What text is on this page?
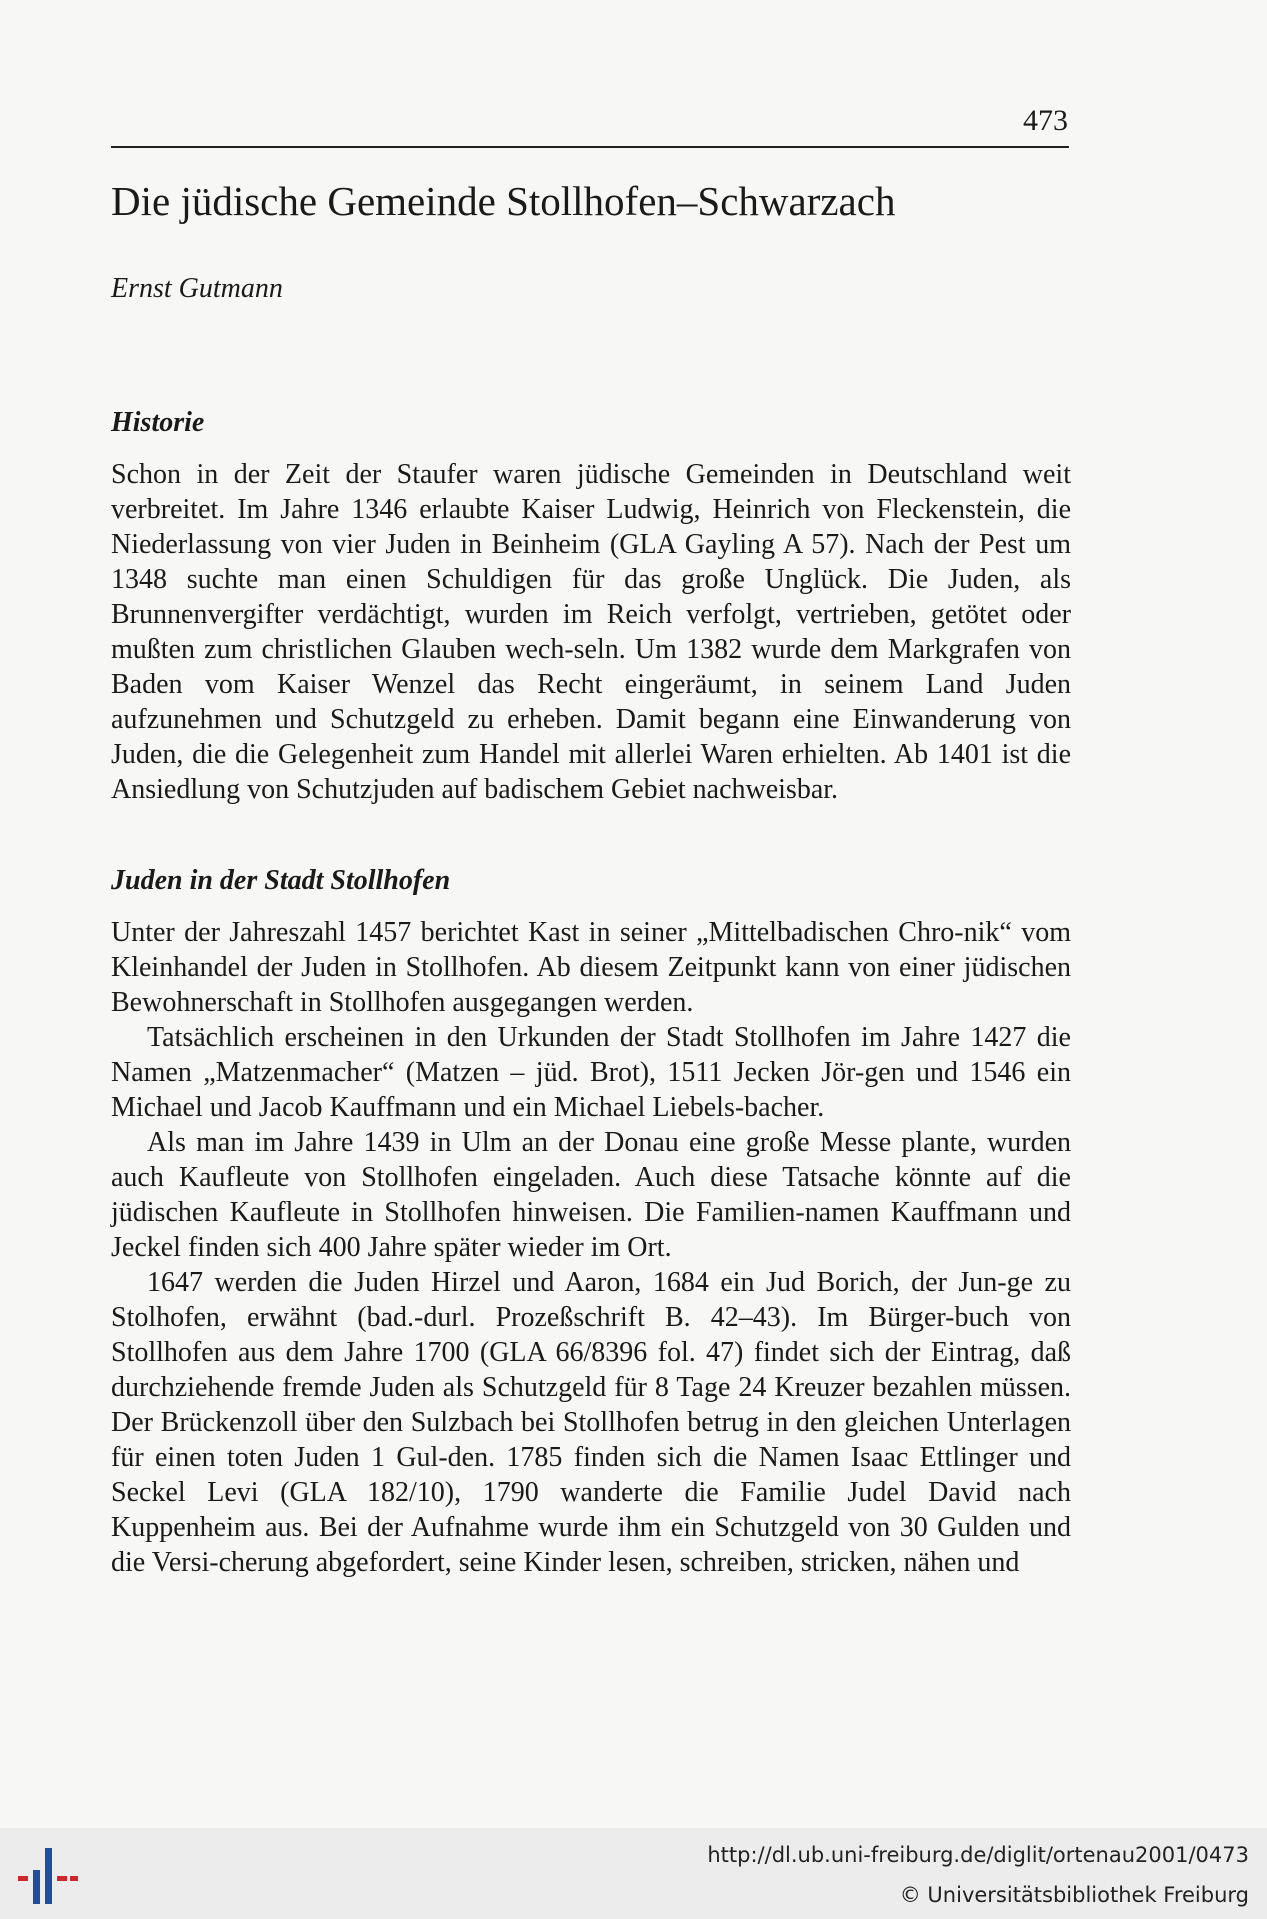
473
Die jüdische Gemeinde Stollhofen–Schwarzach
Ernst Gutmann
Historie

Schon in der Zeit der Staufer waren jüdische Gemeinden in Deutschland weit verbreitet. Im Jahre 1346 erlaubte Kaiser Ludwig, Heinrich von Fleckenstein, die Niederlassung von vier Juden in Beinheim (GLA Gayling A 57). Nach der Pest um 1348 suchte man einen Schuldigen für das große Unglück. Die Juden, als Brunnenvergifter verdächtigt, wurden im Reich verfolgt, vertrieben, getötet oder mußten zum christlichen Glauben wech-seln. Um 1382 wurde dem Markgrafen von Baden vom Kaiser Wenzel das Recht eingeräumt, in seinem Land Juden aufzunehmen und Schutzgeld zu erheben. Damit begann eine Einwanderung von Juden, die die Gelegenheit zum Handel mit allerlei Waren erhielten. Ab 1401 ist die Ansiedlung von Schutzjuden auf badischem Gebiet nachweisbar.

Juden in der Stadt Stollhofen

Unter der Jahreszahl 1457 berichtet Kast in seiner „Mittelbadischen Chro-nik“ vom Kleinhandel der Juden in Stollhofen. Ab diesem Zeitpunkt kann von einer jüdischen Bewohnerschaft in Stollhofen ausgegangen werden.

Tatsächlich erscheinen in den Urkunden der Stadt Stollhofen im Jahre 1427 die Namen „Matzenmacher“ (Matzen – jüd. Brot), 1511 Jecken Jör-gen und 1546 ein Michael und Jacob Kauffmann und ein Michael Liebels-bacher.

Als man im Jahre 1439 in Ulm an der Donau eine große Messe plante, wurden auch Kaufleute von Stollhofen eingeladen. Auch diese Tatsache könnte auf die jüdischen Kaufleute in Stollhofen hinweisen. Die Familien-namen Kauffmann und Jeckel finden sich 400 Jahre später wieder im Ort.

1647 werden die Juden Hirzel und Aaron, 1684 ein Jud Borich, der Jun-ge zu Stolhofen, erwähnt (bad.-durl. Prozeßschrift B. 42–43). Im Bürger-buch von Stollhofen aus dem Jahre 1700 (GLA 66/8396 fol. 47) findet sich der Eintrag, daß durchziehende fremde Juden als Schutzgeld für 8 Tage 24 Kreuzer bezahlen müssen. Der Brückenzoll über den Sulzbach bei Stollhofen betrug in den gleichen Unterlagen für einen toten Juden 1 Gul-den. 1785 finden sich die Namen Isaac Ettlinger und Seckel Levi (GLA 182/10), 1790 wanderte die Familie Judel David nach Kuppenheim aus. Bei der Aufnahme wurde ihm ein Schutzgeld von 30 Gulden und die Versi-cherung abgefordert, seine Kinder lesen, schreiben, stricken, nähen und

http://dl.ub.uni-freiburg.de/diglit/ortenau2001/0473
© Universitätsbibliothek Freiburg
